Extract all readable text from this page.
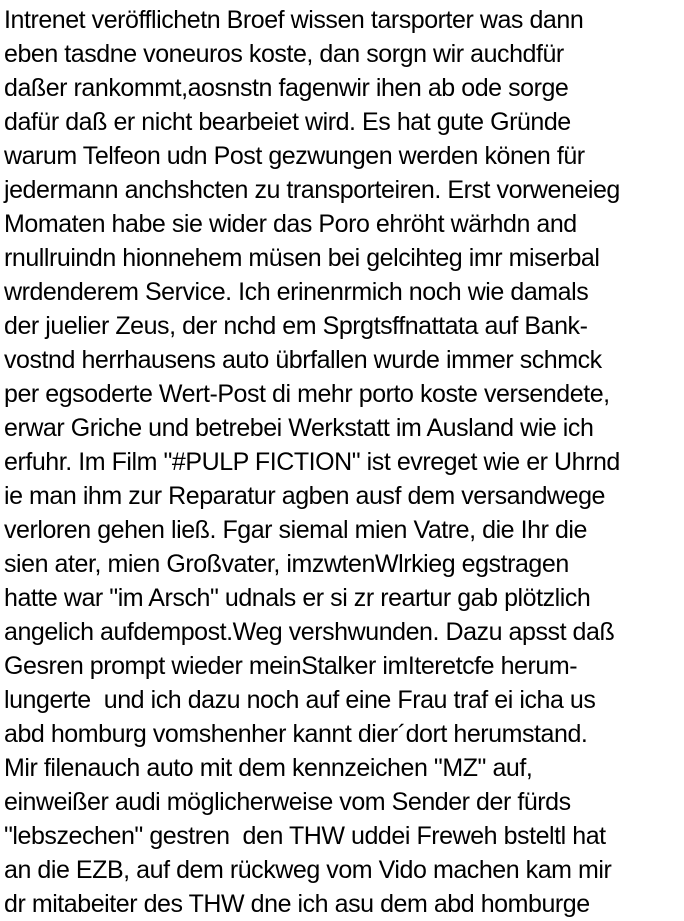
Intrenet veröfflichetn Broef wissen tarsporter was dann
eben tasdne voneuros koste, dan sorgn wir auchdfür
daßer rankommt,aosnstn fagenwir ihen ab ode sorge
dafür daß er nicht bearbeiet wird. Es hat gute Gründe
warum Telfeon udn Post gezwungen werden könen für
jedermann anchshcten zu transporteiren. Erst vorweneieg
Momaten habe sie wider das Poro ehröht wärhdn and
rnullruindn hionnehem müsen bei gelcihteg imr miserbal
wrdenderem Service. Ich erinenrmich noch wie damals
der juelier Zeus, der nchd em Sprgtsffnattata auf Bank-
vostnd herrhausens auto übrfallen wurde immer schmck
per egsoderte Wert-Post di mehr porto koste versendete,
erwar Griche und betrebei Werkstatt im Ausland wie ich
erfuhr. Im Film "#PULP FICTION" ist evreget wie er Uhrnd
ie man ihm zur Reparatur agben ausf dem versandwege
verloren gehen ließ. Fgar siemal mien Vatre, die Ihr die
sien ater, mien Großvater, imzwtenWlrkieg egstragen
hatte war "im Arsch" udnals er si zr reartur gab plötzlich
angelich aufdempost.Weg vershwunden. Dazu apsst daß
Gesren prompt wieder meinStalker imIteretcfe herum-
lungerte  und ich dazu noch auf eine Frau traf ei icha us
abd homburg vomshenher kannt dier´dort herumstand.
Mir filenauch auto mit dem kennzeichen "MZ" auf,
einweißer audi möglicherweise vom Sender der fürds
"lebszechen" gestren  den THW uddei Freweh bsteltl hat
an die EZB, auf dem rückweg vom Vido machen kam mir
dr mitabeiter des THW dne ich asu dem abd homburge
